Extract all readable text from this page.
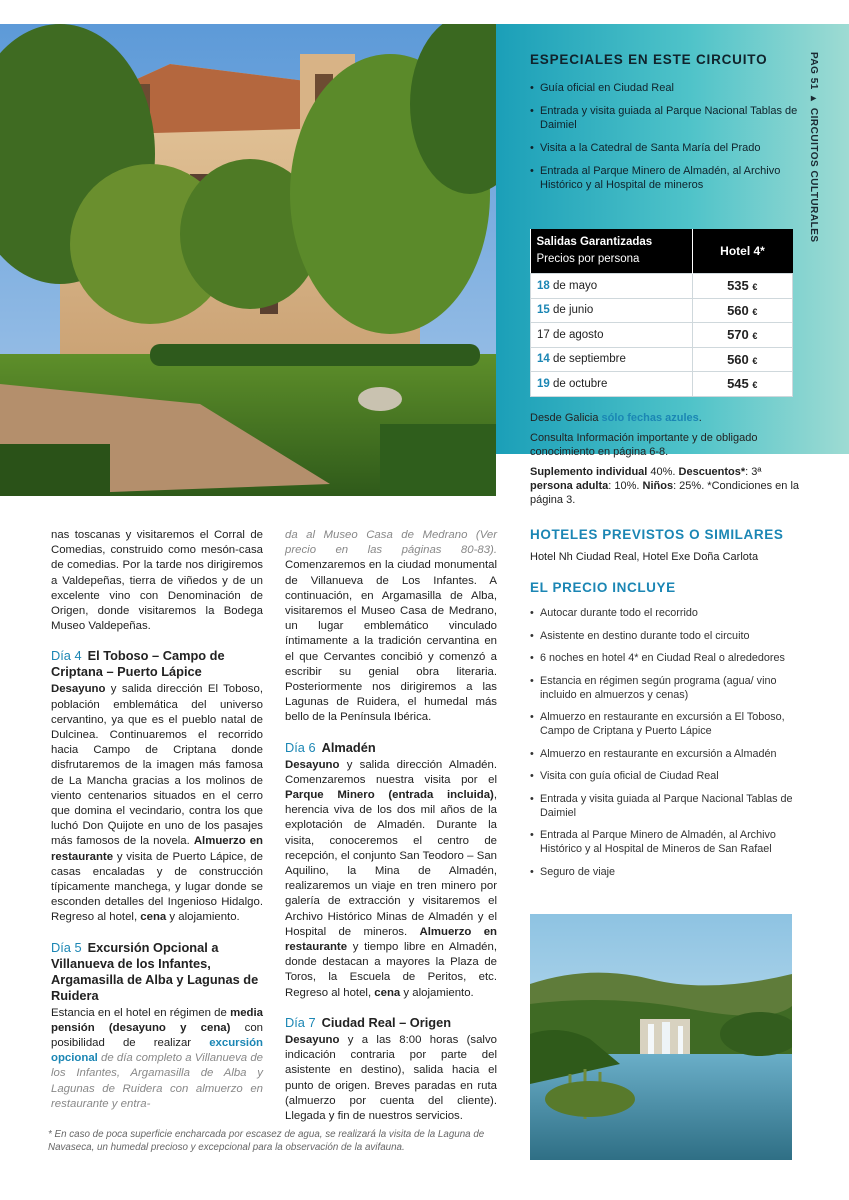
PAG 51 ▸ CIRCUITOS CULTURALES
ESPECIALES EN ESTE CIRCUITO
• Guía oficial en Ciudad Real
• Entrada y visita guiada al Parque Nacional Tablas de Daimiel
• Visita a la Catedral de Santa María del Prado
• Entrada al Parque Minero de Almadén, al Archivo Histórico y al Hospital de mineros
Salidas Garantizadas
Precios por persona	Hotel 4*
18 de mayo	535 €
15 de junio	560 €
17 de agosto	570 €
14 de septiembre	560 €
19 de octubre	545 €

Desde Galicia sólo fechas azules.

Consulta Información importante y de obligado conocimiento en página 6-8.

Suplemento individual 40%. Descuentos*: 3ª persona adulta: 10%. Niños: 25%. *Condiciones en la página 3.

HOTELES PREVISTOS O SIMILARES
Hotel Nh Ciudad Real, Hotel Exe Doña Carlota
EL PRECIO INCLUYE
• Autocar durante todo el recorrido
• Asistente en destino durante todo el circuito
• 6 noches en hotel 4* en Ciudad Real o alrededores
• Estancia en régimen según programa (agua/ vino incluido en almuerzos y cenas)
• Almuerzo en restaurante en excursión a El Toboso, Campo de Criptana y Puerto Lápice
• Almuerzo en restaurante en excursión a Almadén
• Visita con guía oficial de Ciudad Real
• Entrada y visita guiada al Parque Nacional Tablas de Daimiel
• Entrada al Parque Minero de Almadén, al Archivo Histórico y al Hospital de Mineros de San Rafael
• Seguro de viaje

nas toscanas y visitaremos el Corral de Comedias, construido como mesón-casa de comedias. Por la tarde nos dirigiremos a Valdepeñas, tierra de viñedos y de un excelente vino con Denominación de Origen, donde visitaremos la Bodega Museo Valdepeñas.

Día 4 El Toboso – Campo de Criptana – Puerto Lápice

Desayuno y salida dirección El Toboso, población emblemática del universo cervantino, ya que es el pueblo natal de Dulcinea. Continuaremos el recorrido hacia Campo de Criptana donde disfrutaremos de la imagen más famosa de La Mancha gracias a los molinos de viento centenarios situados en el cerro que domina el vecindario, contra los que luchó Don Quijote en uno de los pasajes más famosos de la novela. Almuerzo en restaurante y visita de Puerto Lápice, de casas encaladas y de construcción típicamente manchega, y lugar donde se esconden detalles del Ingenioso Hidalgo. Regreso al hotel, cena y alojamiento.

Día 5 Excursión Opcional a Villanueva de los Infantes, Argamasilla de Alba y Lagunas de Ruidera

Estancia en el hotel en régimen de media pensión (desayuno y cena) con posibilidad de realizar excursión opcional de día completo a Villanueva de los Infantes, Argamasilla de Alba y Lagunas de Ruidera con almuerzo en restaurante y entra-

da al Museo Casa de Medrano (Ver precio en las páginas 80-83). Comenzaremos en la ciudad monumental de Villanueva de Los Infantes. A continuación, en Argamasilla de Alba, visitaremos el Museo Casa de Medrano, un lugar emblemático vinculado íntimamente a la tradición cervantina en el que Cervantes concibió y comenzó a escribir su genial obra literaria. Posteriormente nos dirigiremos a las Lagunas de Ruidera, el humedal más bello de la Península Ibérica.

Día 6 Almadén

Desayuno y salida dirección Almadén. Comenzaremos nuestra visita por el Parque Minero (entrada incluida), herencia viva de los dos mil años de la explotación de Almadén. Durante la visita, conoceremos el centro de recepción, el conjunto San Teodoro – San Aquilino, la Mina de Almadén, realizaremos un viaje en tren minero por galería de extracción y visitaremos el Archivo Histórico Minas de Almadén y el Hospital de mineros. Almuerzo en restaurante y tiempo libre en Almadén, donde destacan a mayores la Plaza de Toros, la Escuela de Peritos, etc. Regreso al hotel, cena y alojamiento.

Día 7 Ciudad Real – Origen

Desayuno y a las 8:00 horas (salvo indicación contraria por parte del asistente en destino), salida hacia el punto de origen. Breves paradas en ruta (almuerzo por cuenta del cliente). Llegada y fin de nuestros servicios.

* En caso de poca superficie encharcada por escasez de agua, se realizará la visita de la Laguna de Navaseca, un humedal precioso y excepcional para la observación de la avifauna.
